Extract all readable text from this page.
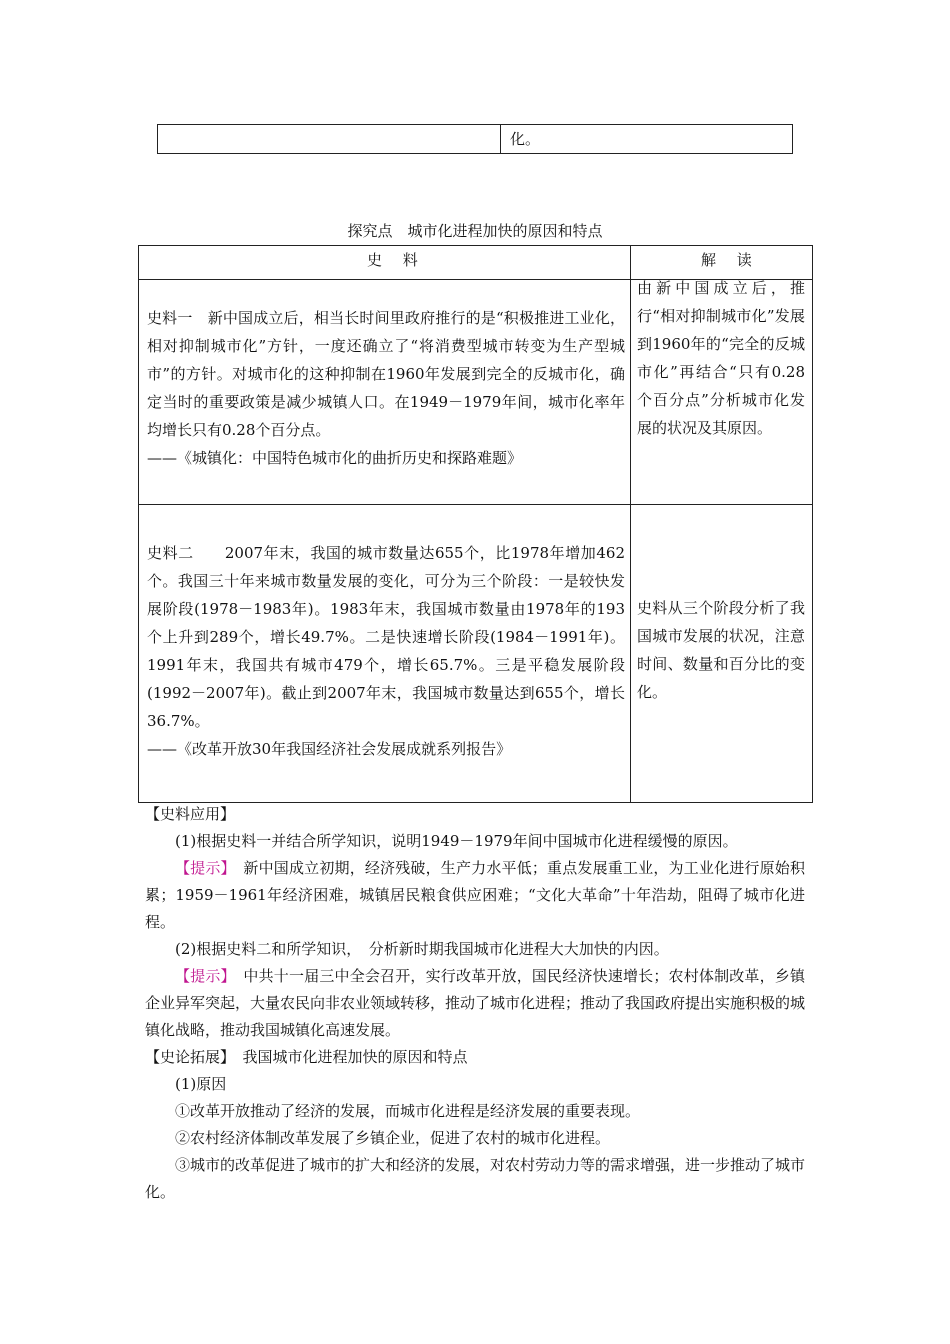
化。
探究点　城市化进程加快的原因和特点
史 料	解 读
史料一　新中国成立后，相当长时间里政府推行的是“积极推进工业化，相对抑制城市化”方针，一度还确立了“将消费型城市转变为生产型城市”的方针。对城市化的这种抑制在1960年发展到完全的反城市化，确定当时的重要政策是减少城镇人口。在1949－1979年间，城市化率年均增长只有0.28个百分点。
——《城镇化：中国特色城市化的曲折历史和探路难题》
由新中国成立后，推行“相对抑制城市化”发展到1960年的“完全的反城市化”再结合“只有0.28个百分点”分析城市化发展的状况及其原因。
史料二　　2007年末，我国的城市数量达655个，比1978年增加462个。我国三十年来城市数量发展的变化，可分为三个阶段：一是较快发展阶段(1978－1983年)。1983年末，我国城市数量由1978年的193个上升到289个，增长49.7%。二是快速增长阶段(1984－1991年)。1991年末，我国共有城市479个，增长65.7%。三是平稳发展阶段(1992－2007年)。截止到2007年末，我国城市数量达到655个，增长36.7%。
——《改革开放30年我国经济社会发展成就系列报告》
史料从三个阶段分析了我国城市发展的状况，注意时间、数量和百分比的变化。

【史料应用】

(1)根据史料一并结合所学知识，说明1949－1979年间中国城市化进程缓慢的原因。

【提示】　新中国成立初期，经济残破，生产力水平低；重点发展重工业，为工业化进行原始积累；1959－1961年经济困难，城镇居民粮食供应困难；“文化大革命”十年浩劫，阻碍了城市化进程。

(2)根据史料二和所学知识，　分析新时期我国城市化进程大大加快的内因。

【提示】　中共十一届三中全会召开，实行改革开放，国民经济快速增长；农村体制改革，乡镇企业异军突起，大量农民向非农业领域转移，推动了城市化进程；推动了我国政府提出实施积极的城镇化战略，推动我国城镇化高速发展。

【史论拓展】　我国城市化进程加快的原因和特点

(1)原因

①改革开放推动了经济的发展，而城市化进程是经济发展的重要表现。

②农村经济体制改革发展了乡镇企业，促进了农村的城市化进程。

③城市的改革促进了城市的扩大和经济的发展，对农村劳动力等的需求增强，进一步推动了城市化。
